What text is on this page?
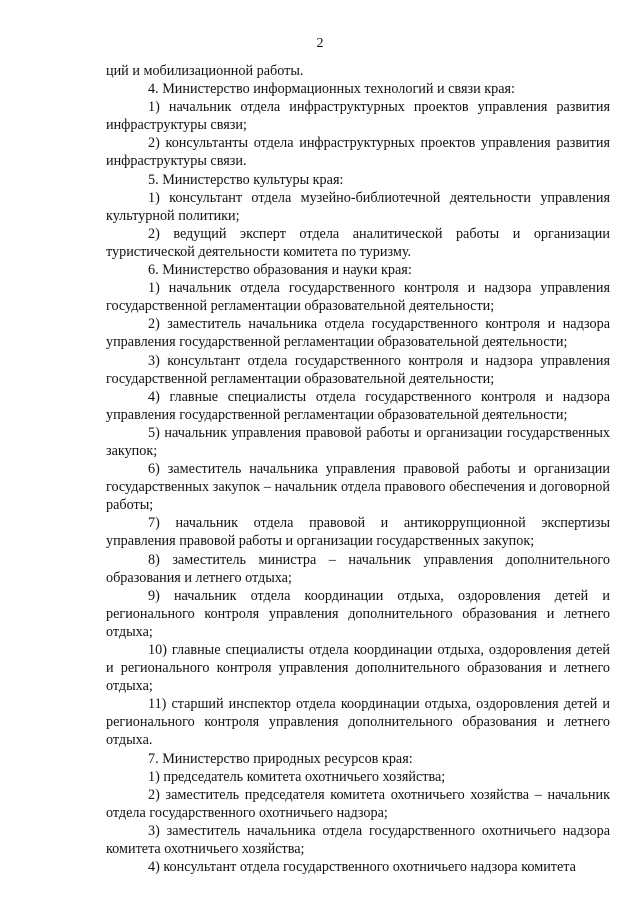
2

ций и мобилизационной работы.

4. Министерство информационных технологий и связи края:

1) начальник отдела инфраструктурных проектов управления развития инфраструктуры связи;

2) консультанты отдела инфраструктурных проектов управления развития инфраструктуры связи.

5. Министерство культуры края:

1) консультант отдела музейно-библиотечной деятельности управления культурной политики;

2) ведущий эксперт отдела аналитической работы и организации туристической деятельности комитета по туризму.

6. Министерство образования и науки края:

1) начальник отдела государственного контроля и надзора управления государственной регламентации образовательной деятельности;

2) заместитель начальника отдела государственного контроля и надзора управления государственной регламентации образовательной деятельности;

3) консультант отдела государственного контроля и надзора управления государственной регламентации образовательной деятельности;

4) главные специалисты отдела государственного контроля и надзора управления государственной регламентации образовательной деятельности;

5) начальник управления правовой работы и организации государственных закупок;

6) заместитель начальника управления правовой работы и организации государственных закупок – начальник отдела правового обеспечения и договорной работы;

7) начальник отдела правовой и антикоррупционной экспертизы управления правовой работы и организации государственных закупок;

8) заместитель министра – начальник управления дополнительного образования и летнего отдыха;

9) начальник отдела координации отдыха, оздоровления детей и регионального контроля управления дополнительного образования и летнего отдыха;

10) главные специалисты отдела координации отдыха, оздоровления детей и регионального контроля управления дополнительного образования и летнего отдыха;

11) старший инспектор отдела координации отдыха, оздоровления детей и регионального контроля управления дополнительного образования и летнего отдыха.

7. Министерство природных ресурсов края:

1) председатель комитета охотничьего хозяйства;

2) заместитель председателя комитета охотничьего хозяйства – начальник отдела государственного охотничьего надзора;

3) заместитель начальника отдела государственного охотничьего надзора комитета охотничьего хозяйства;

4) консультант отдела государственного охотничьего надзора комитета
